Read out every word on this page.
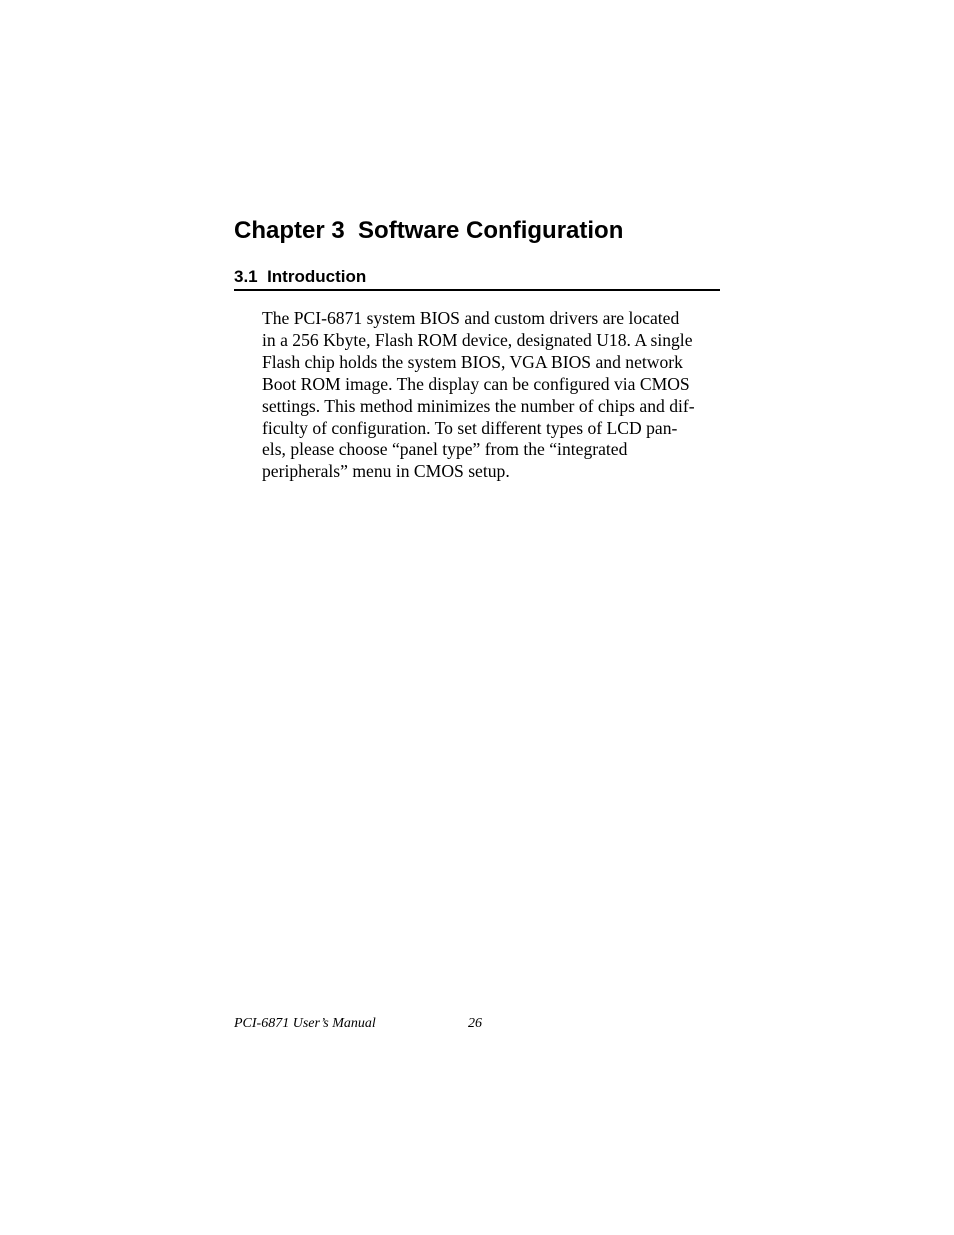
Chapter 3  Software Configuration
3.1  Introduction
The PCI-6871 system BIOS and custom drivers are located
in a 256 Kbyte, Flash ROM device, designated U18. A single
Flash chip holds the system BIOS, VGA BIOS and network
Boot ROM image. The display can be configured via CMOS
settings. This method minimizes the number of chips and dif-
ficulty of configuration. To set different types of LCD pan-
els, please choose “panel type” from the “integrated
peripherals” menu in CMOS setup.
PCI-6871 User’s Manual	26
